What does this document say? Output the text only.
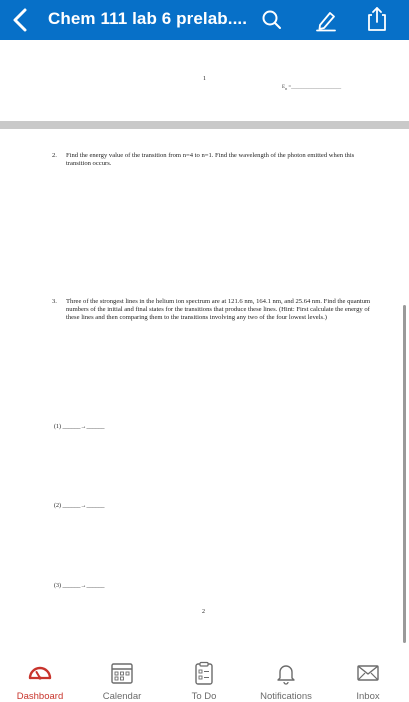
Chem 111 lab 6 prelab....
$E_n$ =____________________
1
2. Find the energy value of the transition from n=4 to n=1. Find the wavelength of the photon emitted when this transition occurs.
3. Three of the strongest lines in the helium ion spectrum are at 121.6 nm, 164.1 nm, and 25.64 nm. Find the quantum numbers of the initial and final states for the transitions that produce these lines. (Hint: First calculate the energy of these lines and then comparing them to the transitions involving any two of the four lowest levels.)
(1) ______→______
(2) ______→______
(3) ______→______
2
Dashboard	Calendar	To Do	Notifications	Inbox
